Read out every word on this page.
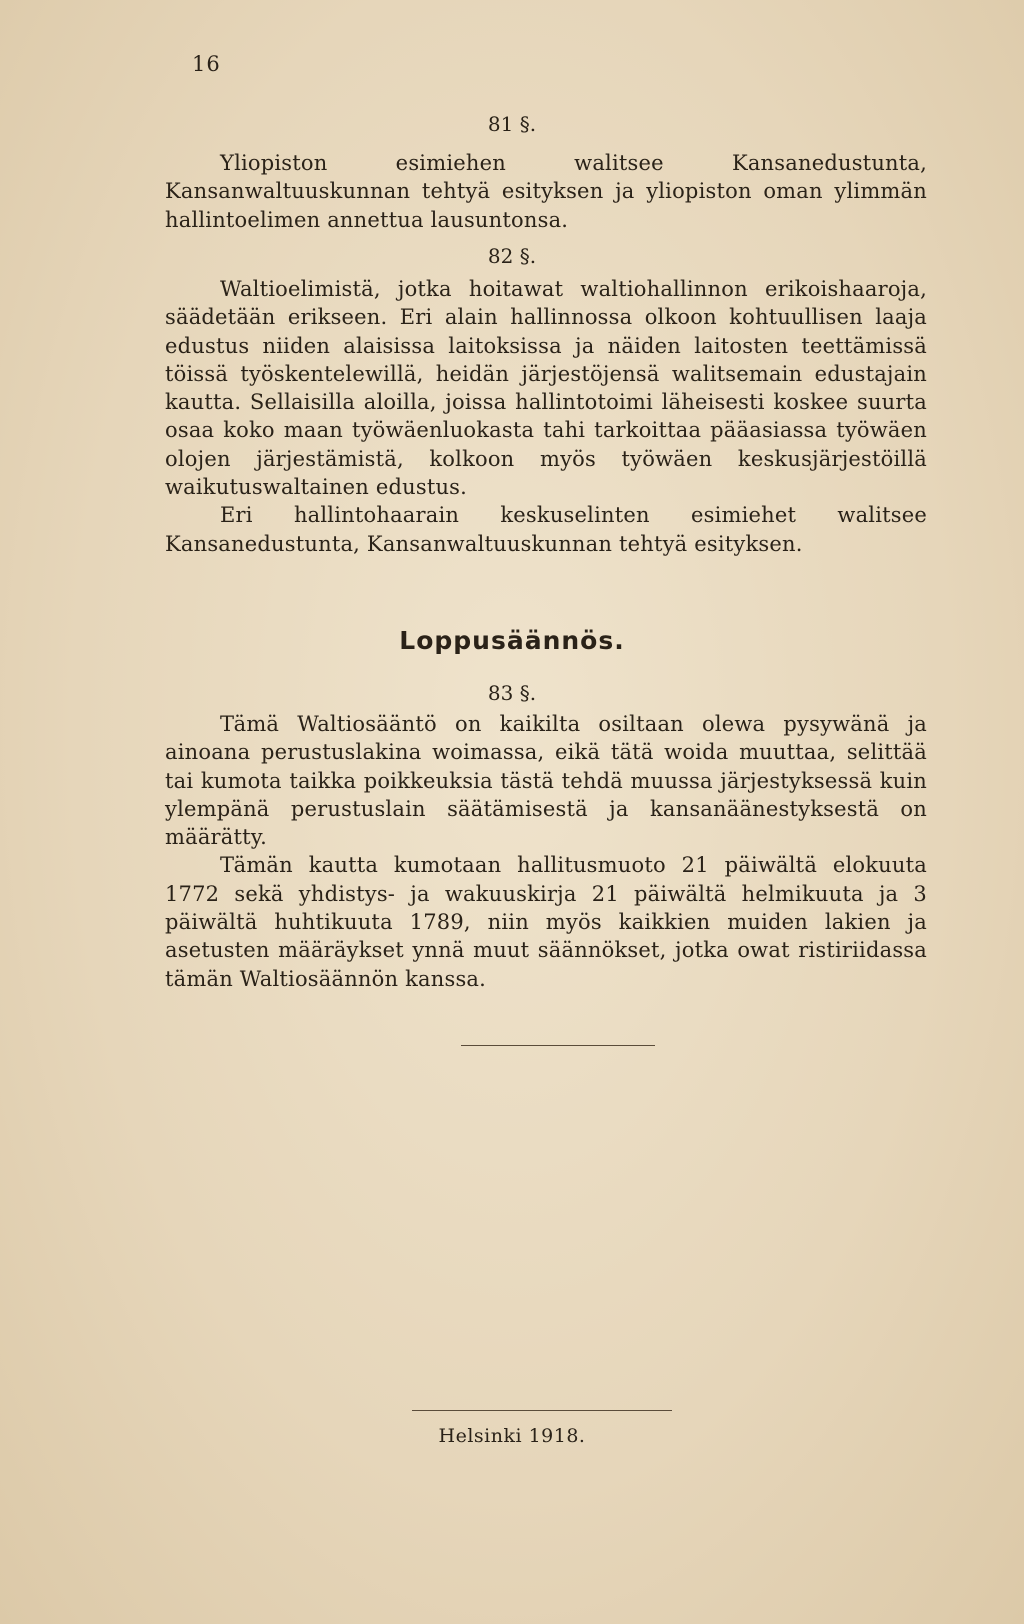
16
81 §.

Yliopiston esimiehen walitsee Kansanedustunta, Kansanwaltuuskunnan tehtyä esityksen ja yliopiston oman ylimmän hallintoelimen annettua lausuntonsa.

82 §.

Waltioelimistä, jotka hoitawat waltiohallinnon erikoishaaroja, säädetään erikseen. Eri alain hallinnossa olkoon kohtuullisen laaja edustus niiden alaisissa laitoksissa ja näiden laitosten teettämissä töissä työskentelewillä, heidän järjestöjensä walitsemain edustajain kautta. Sellaisilla aloilla, joissa hallintotoimi läheisesti koskee suurta osaa koko maan työwäenluokasta tahi tarkoittaa pääasiassa työwäen olojen järjestämistä, kolkoon myös työwäen keskusjärjestöillä waikutuswaltainen edustus.

Eri hallintohaarain keskuselinten esimiehet walitsee Kansanedustunta, Kansanwaltuuskunnan tehtyä esityksen.

Loppusäännös.
83 §.

Tämä Waltiosääntö on kaikilta osiltaan olewa pysywänä ja ainoana perustuslakina woimassa, eikä tätä woida muuttaa, selittää tai kumota taikka poikkeuksia tästä tehdä muussa järjestyksessä kuin ylempänä perustuslain säätämisestä ja kansanäänestyksestä on määrätty.

Tämän kautta kumotaan hallitusmuoto 21 päiwältä elokuuta 1772 sekä yhdistys- ja wakuuskirja 21 päiwältä helmikuuta ja 3 päiwältä huhtikuuta 1789, niin myös kaikkien muiden lakien ja asetusten määräykset ynnä muut säännökset, jotka owat ristiriidassa tämän Waltiosäännön kanssa.

Helsinki 1918.
